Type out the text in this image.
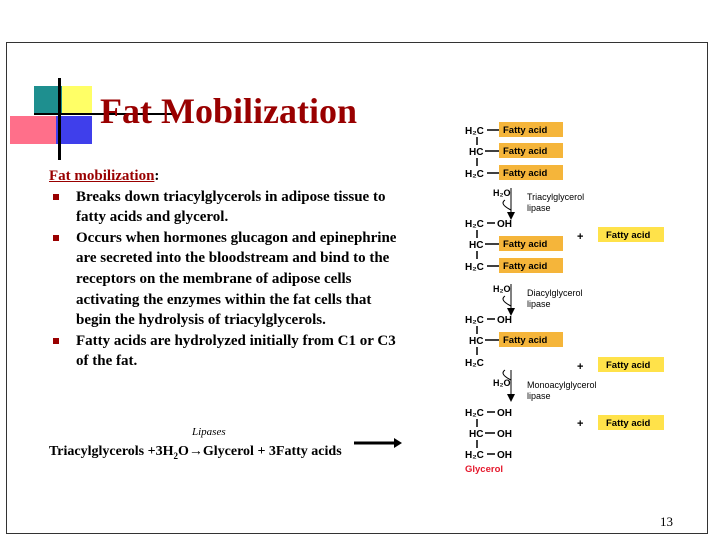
Fat Mobilization
Fat mobilization:
Breaks down triacylglycerols in adipose tissue to fatty acids and glycerol.
Occurs when hormones glucagon and epinephrine are secreted into the bloodstream and bind to the receptors on the membrane of adipose cells activating the enzymes within the fat cells that begin the hydrolysis of triacylglycerols.
Fatty acids are hydrolyzed initially from C1 or C3 of the fat.
Lipases
Triacylglycerols $+3H_2O\to Glycerol$ + 3Fatty acids
H₂C
HC
H₂C
Fatty acid
Fatty acid
Fatty acid
H₂O Triacylglycerol
lipase
H₂C OH
HC
H₂C
Fatty acid
Fatty acid
+ Fatty acid
H₂O Diacylglycerol
lipase
H₂C OH
HC
H₂C
Fatty acid
+ Fatty acid
H₂O Monoacylglycerol
lipase
H₂C OH
HC OH
H₂C OH
+ Fatty acid
Glycerol
13
